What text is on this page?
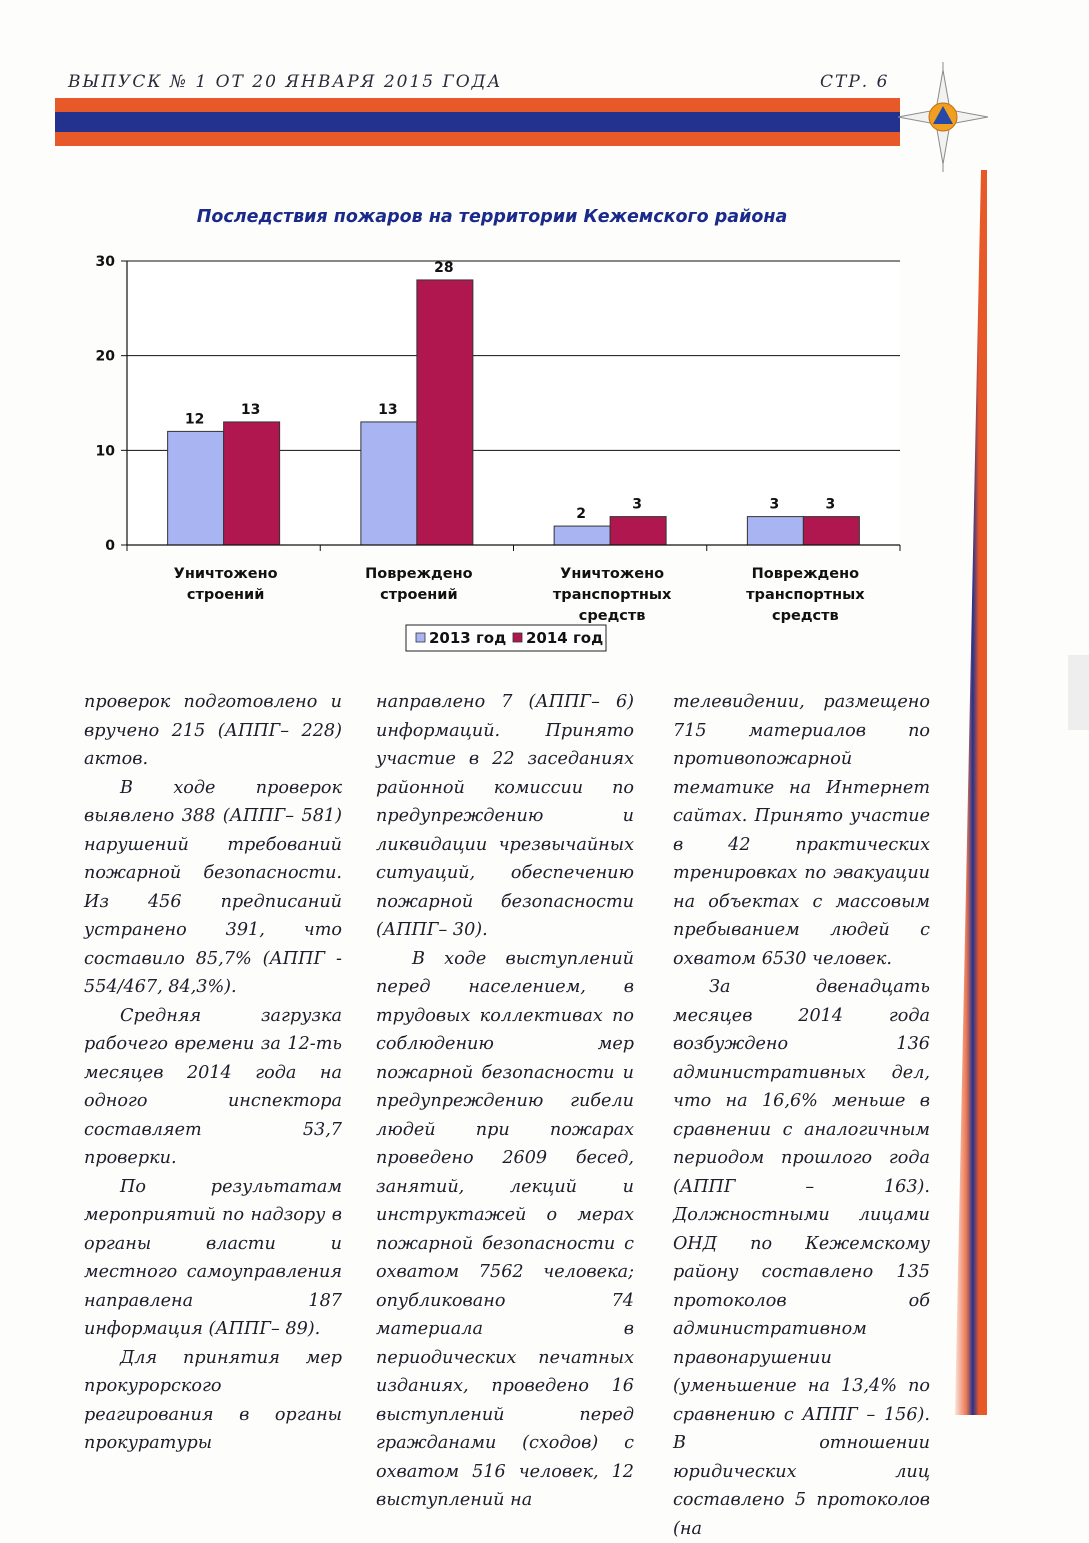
ВЫПУСК № 1 ОТ 20 ЯНВАРЯ 2015 ГОДА	СТР. 6
Последствия пожаров на территории Кежемского района
0
10
20
30
12
13
Уничтожено
строений
13
28
Повреждено
строений
2
3
Уничтожено
транспортных
средств
3	3
Повреждено
транспортных
средств
2013 год 2014 год

проверок подготовлено и вручено 215 (АППГ– 228) актов.

В ходе проверок выявлено 388 (АППГ– 581) нарушений требований пожарной безопасности. Из 456 предписаний устранено 391, что составило 85,7% (АППГ - 554/467, 84,3%).

Средняя загрузка рабочего времени за 12-ть месяцев 2014 года на одного инспектора составляет 53,7 проверки.

По результатам мероприятий по надзору в органы власти и местного самоуправления направлена 187 информация (АППГ– 89).

Для принятия мер прокурорского реагирования в органы прокуратуры

направлено 7 (АППГ– 6) информаций. Принято участие в 22 заседаниях районной комиссии по предупреждению и ликвидации чрезвычайных ситуаций, обеспечению пожарной безопасности (АППГ– 30).

В ходе выступлений перед населением, в трудовых коллективах по соблюдению мер пожарной безопасности и предупреждению гибели людей при пожарах проведено 2609 бесед, занятий, лекций и инструктажей о мерах пожарной безопасности с охватом 7562 человека; опубликовано 74 материала в периодических печатных изданиях, проведено 16 выступлений перед гражданами (сходов) с охватом 516 человек, 12 выступлений на

телевидении, размещено 715 материалов по противопожарной тематике на Интернет сайтах. Принято участие в 42 практических тренировках по эвакуации на объектах с массовым пребыванием людей с охватом 6530 человек.

За двенадцать месяцев 2014 года возбуждено 136 административных дел, что на 16,6% меньше в сравнении с аналогичным периодом прошлого года (АППГ – 163). Должностными лицами ОНД по Кежемскому району составлено 135 протоколов об административном правонарушении (уменьшение на 13,4% по сравнению с АППГ – 156). В отношении юридических лиц составлено 5 протоколов (на
